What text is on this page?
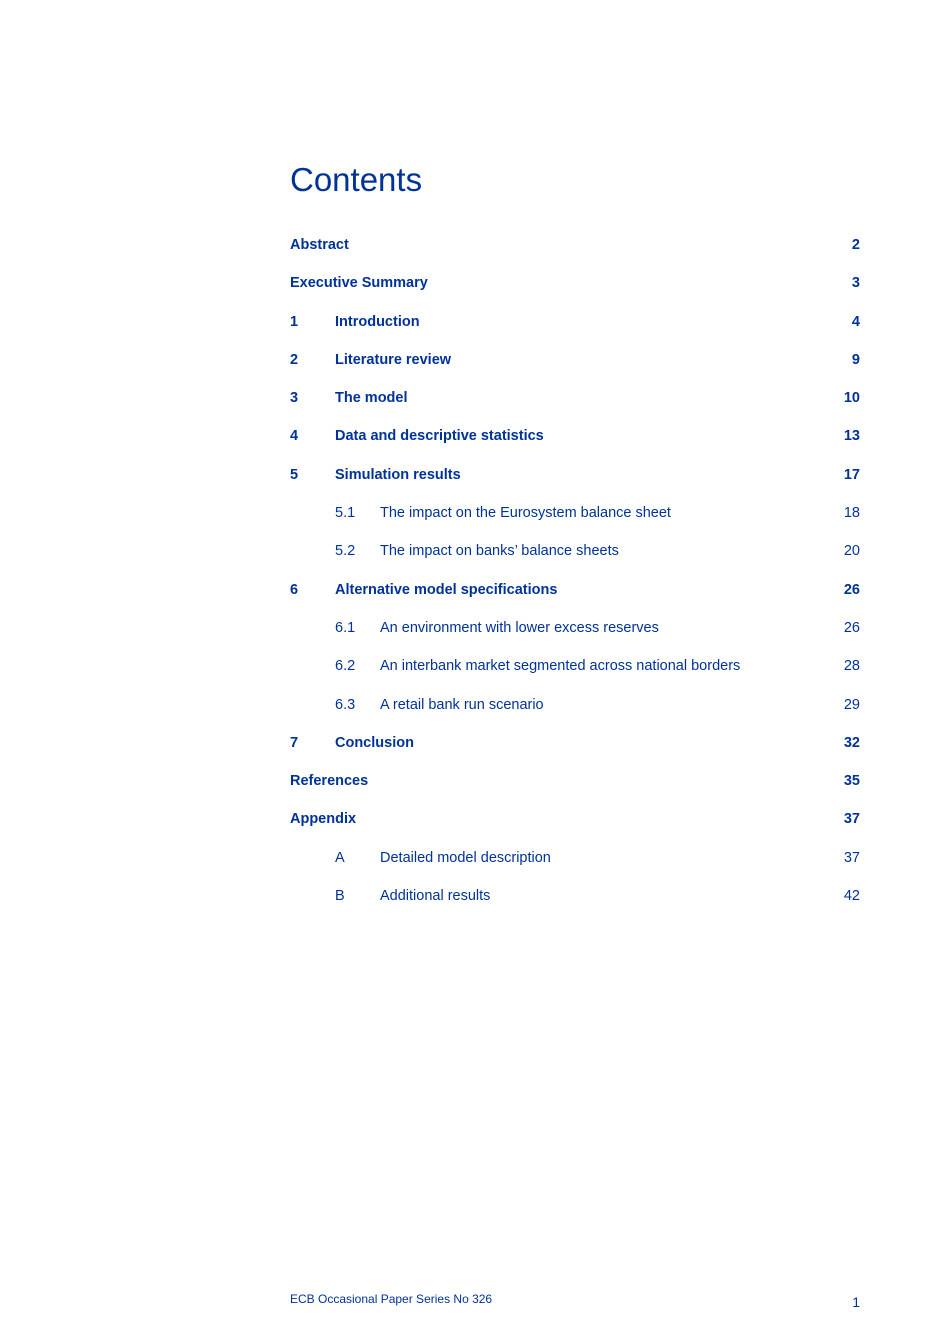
Contents
Abstract	2
Executive Summary	3
1	Introduction	4
2	Literature review	9
3	The model	10
4	Data and descriptive statistics	13
5	Simulation results	17
5.1 The impact on the Eurosystem balance sheet	18
5.2 The impact on banks’ balance sheets	20
6	Alternative model specifications	26
6.1 An environment with lower excess reserves	26
6.2 An interbank market segmented across national borders	28
6.3 A retail bank run scenario	29
7	Conclusion	32
References	35
Appendix	37
A Detailed model description	37
B Additional results	42
ECB Occasional Paper Series No 326	1
